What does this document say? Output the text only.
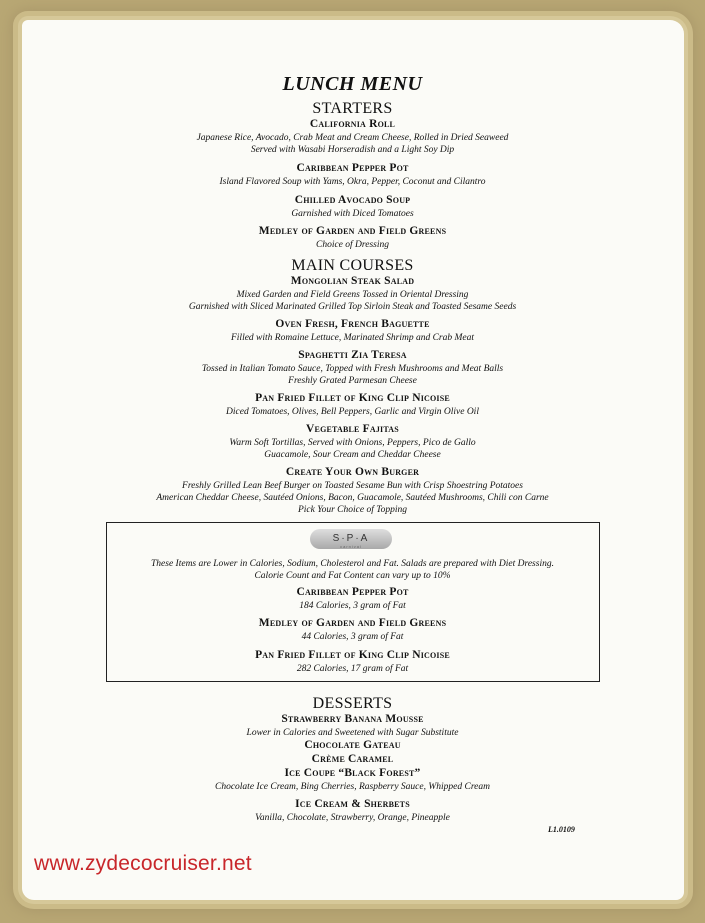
LUNCH MENU
STARTERS
California Roll
Japanese Rice, Avocado, Crab Meat and Cream Cheese, Rolled in Dried Seaweed
Served with Wasabi Horseradish and a Light Soy Dip
Caribbean Pepper Pot
Island Flavored Soup with Yams, Okra, Pepper, Coconut and Cilantro
Chilled Avocado Soup
Garnished with Diced Tomatoes
Medley of Garden and Field Greens
Choice of Dressing
MAIN COURSES
Mongolian Steak Salad
Mixed Garden and Field Greens Tossed in Oriental Dressing
Garnished with Sliced Marinated Grilled Top Sirloin Steak and Toasted Sesame Seeds
Oven Fresh, French Baguette
Filled with Romaine Lettuce, Marinated Shrimp and Crab Meat
Spaghetti Zia Teresa
Tossed in Italian Tomato Sauce, Topped with Fresh Mushrooms and Meat Balls
Freshly Grated Parmesan Cheese
Pan Fried Fillet of King Clip Nicoise
Diced Tomatoes, Olives, Bell Peppers, Garlic and Virgin Olive Oil
Vegetable Fajitas
Warm Soft Tortillas, Served with Onions, Peppers, Pico de Gallo
Guacamole, Sour Cream and Cheddar Cheese
Create Your Own Burger
Freshly Grilled Lean Beef Burger on Toasted Sesame Bun with Crisp Shoestring Potatoes
American Cheddar Cheese, Sautéed Onions, Bacon, Guacamole, Sautéed Mushrooms, Chili con Carne
Pick Your Choice of Topping
S·P·A
carnival
These Items are Lower in Calories, Sodium, Cholesterol and Fat. Salads are prepared with Diet Dressing.
Calorie Count and Fat Content can vary up to 10%
Caribbean Pepper Pot
184 Calories, 3 gram of Fat
Medley of Garden and Field Greens
44 Calories, 3 gram of Fat
Pan Fried Fillet of King Clip Nicoise
282 Calories, 17 gram of Fat
DESSERTS
Strawberry Banana Mousse
Lower in Calories and Sweetened with Sugar Substitute
Chocolate Gateau
Crème Caramel
Ice Coupe “Black Forest”
Chocolate Ice Cream, Bing Cherries, Raspberry Sauce, Whipped Cream
Ice Cream & Sherbets
Vanilla, Chocolate, Strawberry, Orange, Pineapple
L1.0109
www.zydecocruiser.net
